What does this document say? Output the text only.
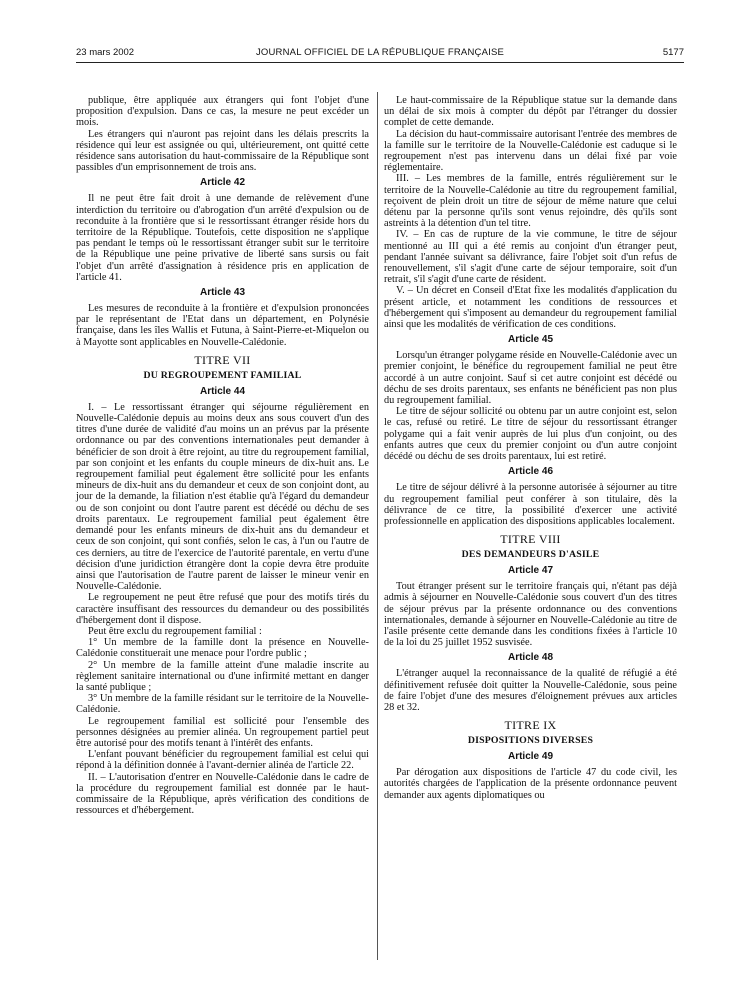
23 mars 2002	JOURNAL OFFICIEL DE LA RÉPUBLIQUE FRANÇAISE	5177

publique, être appliquée aux étrangers qui font l'objet d'une proposition d'expulsion. Dans ce cas, la mesure ne peut excéder un mois.

Les étrangers qui n'auront pas rejoint dans les délais prescrits la résidence qui leur est assignée ou qui, ultérieurement, ont quitté cette résidence sans autorisation du haut-commissaire de la République sont passibles d'un emprisonnement de trois ans.

Article 42

Il ne peut être fait droit à une demande de relèvement d'une interdiction du territoire ou d'abrogation d'un arrêté d'expulsion ou de reconduite à la frontière que si le ressortissant étranger réside hors du territoire de la République. Toutefois, cette disposition ne s'applique pas pendant le temps où le ressortissant étranger subit sur le territoire de la République une peine privative de liberté sans sursis ou fait l'objet d'un arrêté d'assignation à résidence pris en application de l'article 41.

Article 43

Les mesures de reconduite à la frontière et d'expulsion prononcées par le représentant de l'Etat dans un département, en Polynésie française, dans les îles Wallis et Futuna, à Saint-Pierre-et-Miquelon ou à Mayotte sont applicables en Nouvelle-Calédonie.

TITRE VII

DU REGROUPEMENT FAMILIAL

Article 44

I. – Le ressortissant étranger qui séjourne régulièrement en Nouvelle-Calédonie depuis au moins deux ans sous couvert d'un des titres d'une durée de validité d'au moins un an prévus par la présente ordonnance ou par des conventions internationales peut demander à bénéficier de son droit à être rejoint, au titre du regroupement familial, par son conjoint et les enfants du couple mineurs de dix-huit ans. Le regroupement familial peut également être sollicité pour les enfants mineurs de dix-huit ans du demandeur et ceux de son conjoint dont, au jour de la demande, la filiation n'est établie qu'à l'égard du demandeur ou de son conjoint ou dont l'autre parent est décédé ou déchu de ses droits parentaux. Le regroupement familial peut également être demandé pour les enfants mineurs de dix-huit ans du demandeur et ceux de son conjoint, qui sont confiés, selon le cas, à l'un ou l'autre de ces derniers, au titre de l'exercice de l'autorité parentale, en vertu d'une décision d'une juridiction étrangère dont la copie devra être produite ainsi que l'autorisation de l'autre parent de laisser le mineur venir en Nouvelle-Calédonie.

Le regroupement ne peut être refusé que pour des motifs tirés du caractère insuffisant des ressources du demandeur ou des possibilités d'hébergement dont il dispose.

Peut être exclu du regroupement familial :

1° Un membre de la famille dont la présence en Nouvelle-Calédonie constituerait une menace pour l'ordre public ;

2° Un membre de la famille atteint d'une maladie inscrite au règlement sanitaire international ou d'une infirmité mettant en danger la santé publique ;

3° Un membre de la famille résidant sur le territoire de la Nouvelle-Calédonie.

Le regroupement familial est sollicité pour l'ensemble des personnes désignées au premier alinéa. Un regroupement partiel peut être autorisé pour des motifs tenant à l'intérêt des enfants.

L'enfant pouvant bénéficier du regroupement familial est celui qui répond à la définition donnée à l'avant-dernier alinéa de l'article 22.

II. – L'autorisation d'entrer en Nouvelle-Calédonie dans le cadre de la procédure du regroupement familial est donnée par le haut-commissaire de la République, après vérification des conditions de ressources et d'hébergement.

Le haut-commissaire de la République statue sur la demande dans un délai de six mois à compter du dépôt par l'étranger du dossier complet de cette demande.

La décision du haut-commissaire autorisant l'entrée des membres de la famille sur le territoire de la Nouvelle-Calédonie est caduque si le regroupement n'est pas intervenu dans un délai fixé par voie réglementaire.

III. – Les membres de la famille, entrés régulièrement sur le territoire de la Nouvelle-Calédonie au titre du regroupement familial, reçoivent de plein droit un titre de séjour de même nature que celui détenu par la personne qu'ils sont venus rejoindre, dès qu'ils sont astreints à la détention d'un tel titre.

IV. – En cas de rupture de la vie commune, le titre de séjour mentionné au III qui a été remis au conjoint d'un étranger peut, pendant l'année suivant sa délivrance, faire l'objet soit d'un refus de renouvellement, s'il s'agit d'une carte de séjour temporaire, soit d'un retrait, s'il s'agit d'une carte de résident.

V. – Un décret en Conseil d'Etat fixe les modalités d'application du présent article, et notamment les conditions de ressources et d'hébergement qui s'imposent au demandeur du regroupement familial ainsi que les modalités de vérification de ces conditions.

Article 45

Lorsqu'un étranger polygame réside en Nouvelle-Calédonie avec un premier conjoint, le bénéfice du regroupement familial ne peut être accordé à un autre conjoint. Sauf si cet autre conjoint est décédé ou déchu de ses droits parentaux, ses enfants ne bénéficient pas non plus du regroupement familial.

Le titre de séjour sollicité ou obtenu par un autre conjoint est, selon le cas, refusé ou retiré. Le titre de séjour du ressortissant étranger polygame qui a fait venir auprès de lui plus d'un conjoint, ou des enfants autres que ceux du premier conjoint ou d'un autre conjoint décédé ou déchu de ses droits parentaux, lui est retiré.

Article 46

Le titre de séjour délivré à la personne autorisée à séjourner au titre du regroupement familial peut conférer à son titulaire, dès la délivrance de ce titre, la possibilité d'exercer une activité professionnelle en application des dispositions applicables localement.

TITRE VIII

DES DEMANDEURS D'ASILE

Article 47

Tout étranger présent sur le territoire français qui, n'étant pas déjà admis à séjourner en Nouvelle-Calédonie sous couvert d'un des titres de séjour prévus par la présente ordonnance ou des conventions internationales, demande à séjourner en Nouvelle-Calédonie au titre de l'asile présente cette demande dans les conditions fixées à l'article 10 de la loi du 25 juillet 1952 susvisée.

Article 48

L'étranger auquel la reconnaissance de la qualité de réfugié a été définitivement refusée doit quitter la Nouvelle-Calédonie, sous peine de faire l'objet d'une des mesures d'éloignement prévues aux articles 28 et 32.

TITRE IX

DISPOSITIONS DIVERSES

Article 49

Par dérogation aux dispositions de l'article 47 du code civil, les autorités chargées de l'application de la présente ordonnance peuvent demander aux agents diplomatiques ou
